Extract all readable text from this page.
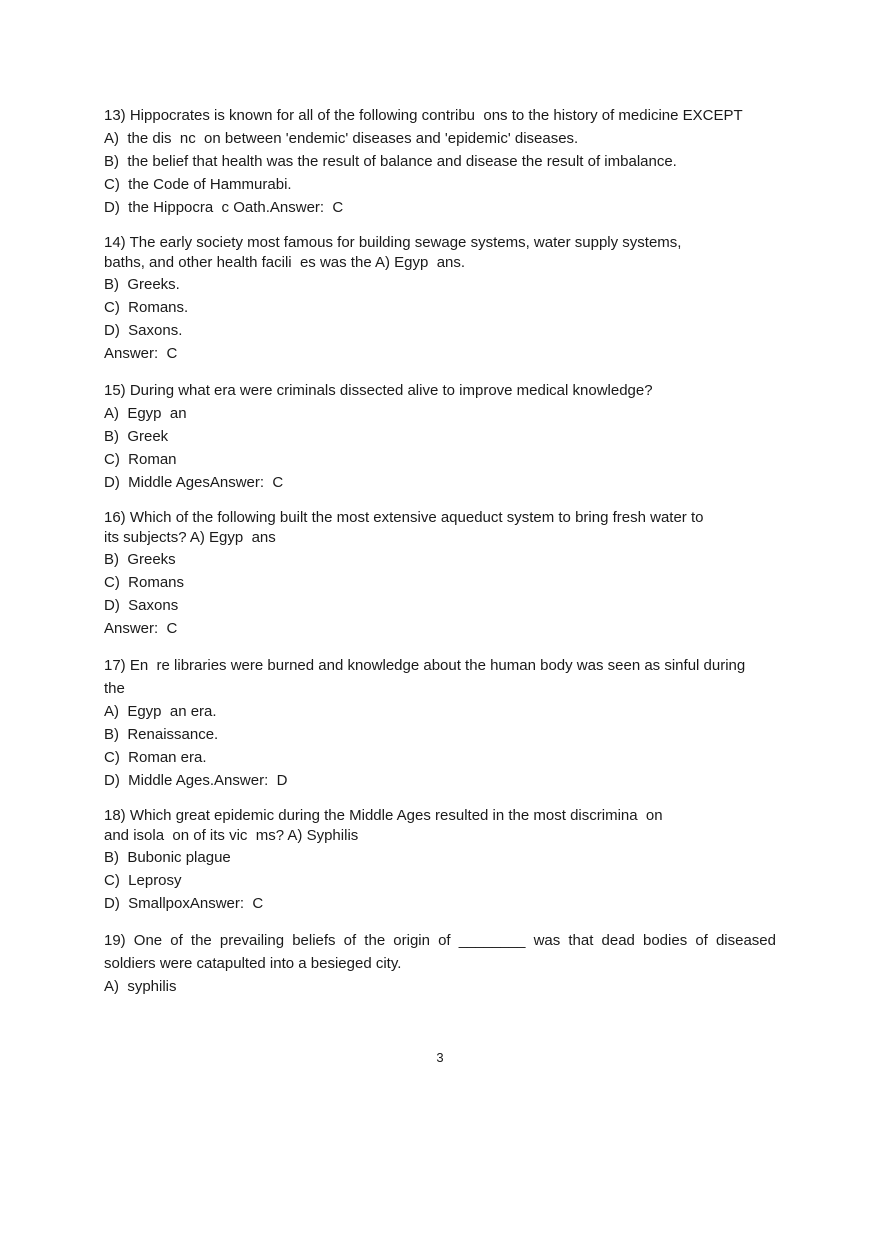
13) Hippocrates is known for all of the following contribu  ons to the history of medicine EXCEPT

A)  the dis  nc  on between 'endemic' diseases and 'epidemic' diseases.

B)  the belief that health was the result of balance and disease the result of imbalance.

C)  the Code of Hammurabi.

D)  the Hippocra  c Oath.Answer:  C

14) The early society most famous for building sewage systems, water supply systems,

baths, and other health facili  es was the A) Egyp  ans.

B)  Greeks.

C)  Romans.

D)  Saxons.

Answer:  C

15) During what era were criminals dissected alive to improve medical knowledge?

A)  Egyp  an

B)  Greek

C)  Roman

D)  Middle AgesAnswer:  C

16) Which of the following built the most extensive aqueduct system to bring fresh water to

its subjects? A) Egyp  ans

B)  Greeks

C)  Romans

D)  Saxons

Answer:  C

17) En  re libraries were burned and knowledge about the human body was seen as sinful during

the

A)  Egyp  an era.

B)  Renaissance.

C)  Roman era.

D)  Middle Ages.Answer:  D

18) Which great epidemic during the Middle Ages resulted in the most discrimina  on

and isola  on of its vic  ms? A) Syphilis

B)  Bubonic plague

C)  Leprosy

D)  SmallpoxAnswer:  C

19) One of the prevailing beliefs of the origin of ________ was that dead bodies of diseased

soldiers were catapulted into a besieged city.

A)  syphilis

3
